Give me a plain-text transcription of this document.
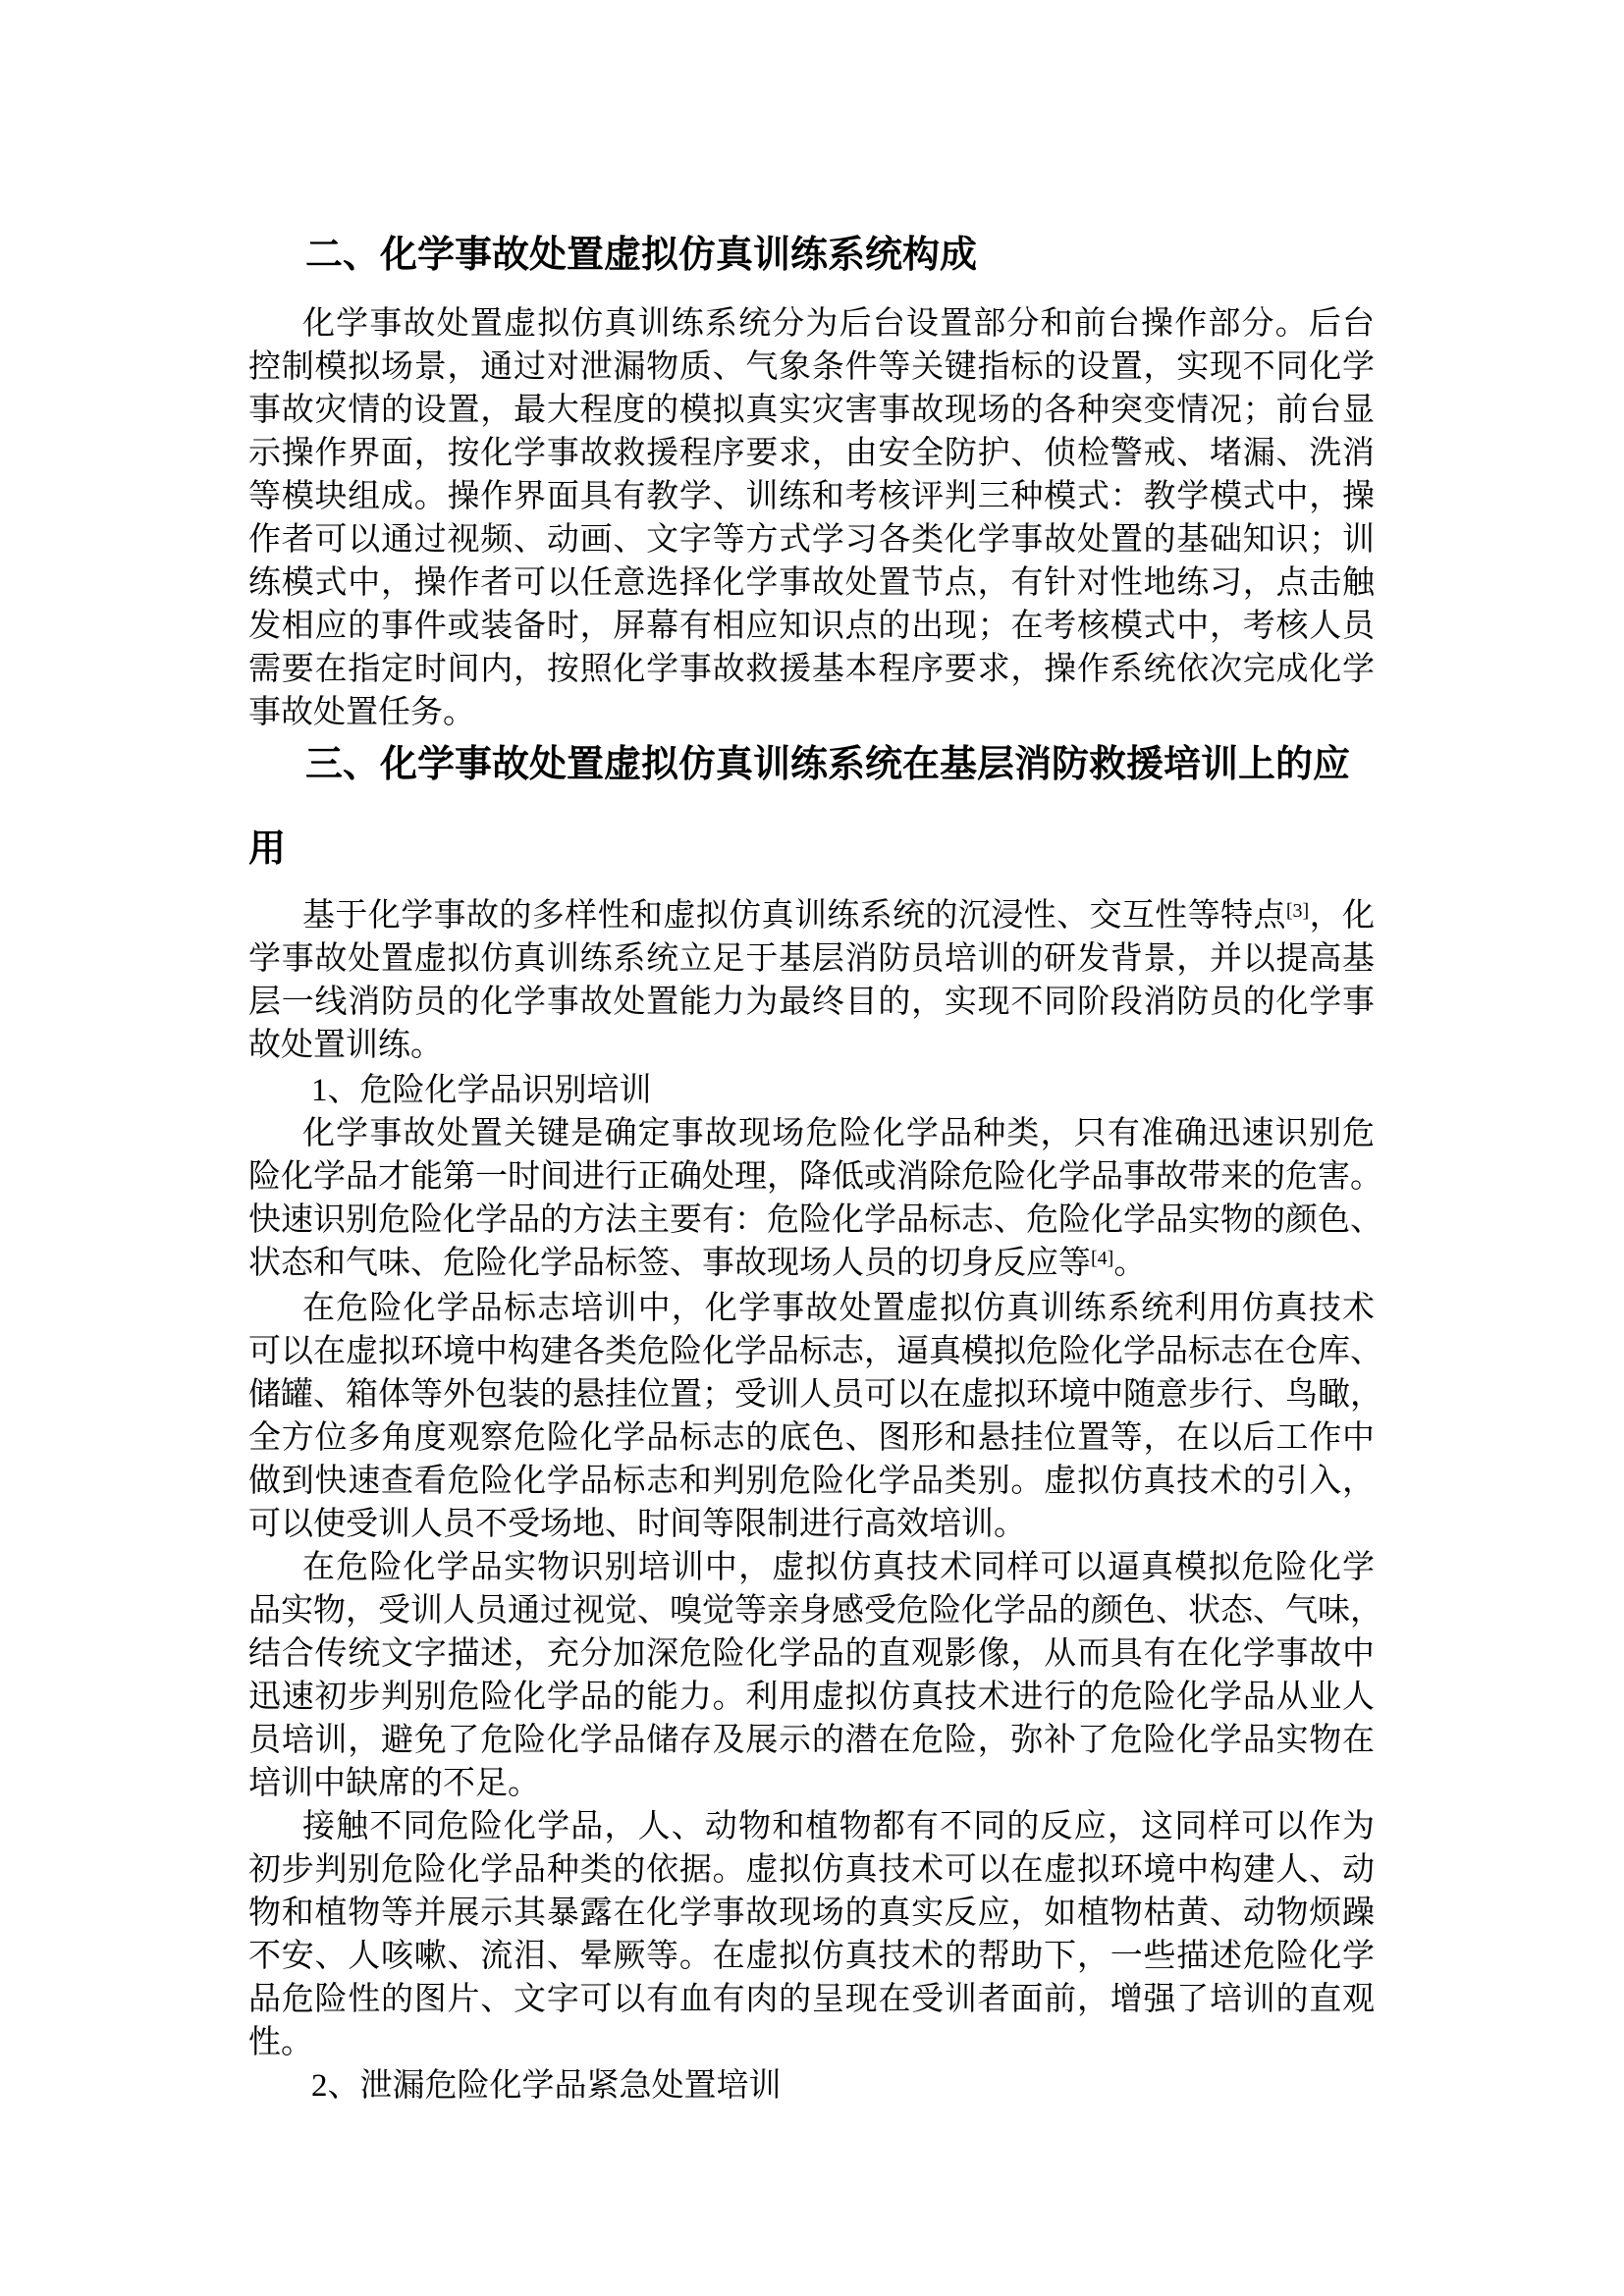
二、化学事故处置虚拟仿真训练系统构成
化学事故处置虚拟仿真训练系统分为后台设置部分和前台操作部分。后台
控制模拟场景，通过对泄漏物质、气象条件等关键指标的设置，实现不同化学
事故灾情的设置，最大程度的模拟真实灾害事故现场的各种突变情况；前台显
示操作界面，按化学事故救援程序要求，由安全防护、侦检警戒、堵漏、洗消
等模块组成。操作界面具有教学、训练和考核评判三种模式：教学模式中，操
作者可以通过视频、动画、文字等方式学习各类化学事故处置的基础知识；训
练模式中，操作者可以任意选择化学事故处置节点，有针对性地练习，点击触
发相应的事件或装备时，屏幕有相应知识点的出现；在考核模式中，考核人员
需要在指定时间内，按照化学事故救援基本程序要求，操作系统依次完成化学
事故处置任务。
三、化学事故处置虚拟仿真训练系统在基层消防救援培训上的应
用
基于化学事故的多样性和虚拟仿真训练系统的沉浸性、交互性等特点[3]，化
学事故处置虚拟仿真训练系统立足于基层消防员培训的研发背景，并以提高基
层一线消防员的化学事故处置能力为最终目的，实现不同阶段消防员的化学事
故处置训练。
1、危险化学品识别培训
化学事故处置关键是确定事故现场危险化学品种类，只有准确迅速识别危
险化学品才能第一时间进行正确处理，降低或消除危险化学品事故带来的危害。
快速识别危险化学品的方法主要有：危险化学品标志、危险化学品实物的颜色、
状态和气味、危险化学品标签、事故现场人员的切身反应等[4]。
在危险化学品标志培训中，化学事故处置虚拟仿真训练系统利用仿真技术
可以在虚拟环境中构建各类危险化学品标志，逼真模拟危险化学品标志在仓库、
储罐、箱体等外包装的悬挂位置；受训人员可以在虚拟环境中随意步行、鸟瞰，
全方位多角度观察危险化学品标志的底色、图形和悬挂位置等，在以后工作中
做到快速查看危险化学品标志和判别危险化学品类别。虚拟仿真技术的引入，
可以使受训人员不受场地、时间等限制进行高效培训。
在危险化学品实物识别培训中，虚拟仿真技术同样可以逼真模拟危险化学
品实物，受训人员通过视觉、嗅觉等亲身感受危险化学品的颜色、状态、气味，
结合传统文字描述，充分加深危险化学品的直观影像，从而具有在化学事故中
迅速初步判别危险化学品的能力。利用虚拟仿真技术进行的危险化学品从业人
员培训，避免了危险化学品储存及展示的潜在危险，弥补了危险化学品实物在
培训中缺席的不足。
接触不同危险化学品，人、动物和植物都有不同的反应，这同样可以作为
初步判别危险化学品种类的依据。虚拟仿真技术可以在虚拟环境中构建人、动
物和植物等并展示其暴露在化学事故现场的真实反应，如植物枯黄、动物烦躁
不安、人咳嗽、流泪、晕厥等。在虚拟仿真技术的帮助下，一些描述危险化学
品危险性的图片、文字可以有血有肉的呈现在受训者面前，增强了培训的直观
性。
2、泄漏危险化学品紧急处置培训
